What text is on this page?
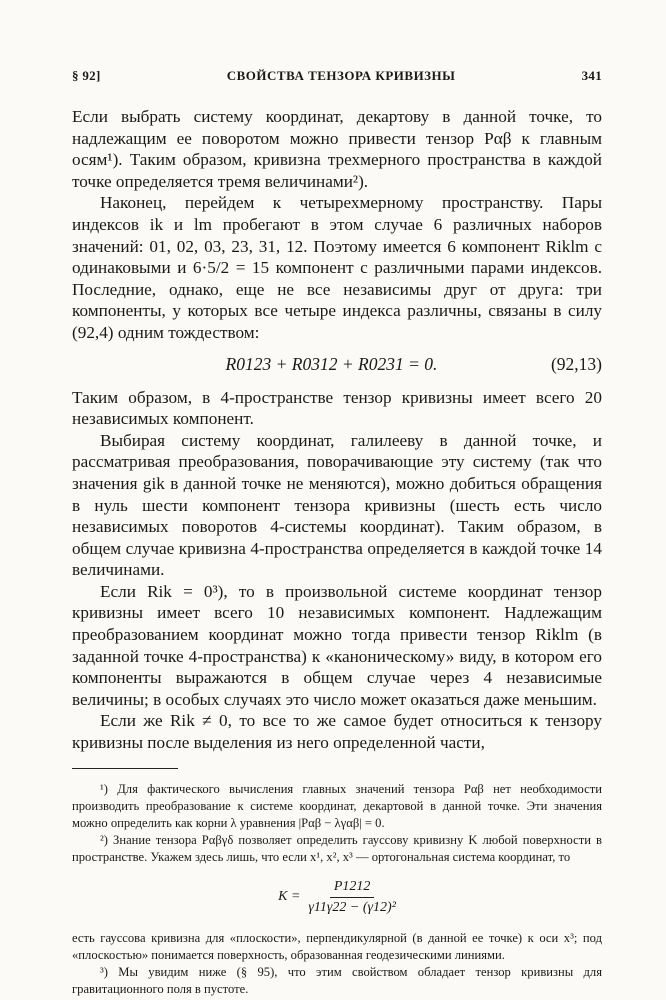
§ 92]	СВОЙСТВА ТЕНЗОРА КРИВИЗНЫ	341

Если выбрать систему координат, декартову в данной точке, то надлежащим ее поворотом можно привести тензор Pαβ к главным осям¹). Таким образом, кривизна трехмерного пространства в каждой точке определяется тремя величинами²).

Наконец, перейдем к четырехмерному пространству. Пары индексов ik и lm пробегают в этом случае 6 различных наборов значений: 01, 02, 03, 23, 31, 12. Поэтому имеется 6 компонент Riklm с одинаковыми и 6·5/2 = 15 компонент с различными парами индексов. Последние, однако, еще не все независимы друг от друга: три компоненты, у которых все четыре индекса различны, связаны в силу (92,4) одним тождеством:

R0123 + R0312 + R0231 = 0.	(92,13)

Таким образом, в 4-пространстве тензор кривизны имеет всего 20 независимых компонент.

Выбирая систему координат, галилееву в данной точке, и рассматривая преобразования, поворачивающие эту систему (так что значения gik в данной точке не меняются), можно добиться обращения в нуль шести компонент тензора кривизны (шесть есть число независимых поворотов 4-системы координат). Таким образом, в общем случае кривизна 4-пространства определяется в каждой точке 14 величинами.

Если Rik = 0³), то в произвольной системе координат тензор кривизны имеет всего 10 независимых компонент. Надлежащим преобразованием координат можно тогда привести тензор Riklm (в заданной точке 4-пространства) к «каноническому» виду, в котором его компоненты выражаются в общем случае через 4 независимые величины; в особых случаях это число может оказаться даже меньшим.

Если же Rik ≠ 0, то все то же самое будет относиться к тензору кривизны после выделения из него определенной части,

¹) Для фактического вычисления главных значений тензора Pαβ нет необходимости производить преобразование к системе координат, декартовой в данной точке. Эти значения можно определить как корни λ уравнения |Pαβ − λγαβ| = 0.

²) Знание тензора Pαβγδ позволяет определить гауссову кривизну K любой поверхности в пространстве. Укажем здесь лишь, что если x¹, x², x³ — ортогональная система координат, то

$K = \frac{P1212}{\text{γ11γ22 − (γ12)²}}$

есть гауссова кривизна для «плоскости», перпендикулярной (в данной ее точке) к оси x³; под «плоскостью» понимается поверхность, образованная геодезическими линиями.

³) Мы увидим ниже (§ 95), что этим свойством обладает тензор кривизны для гравитационного поля в пустоте.
